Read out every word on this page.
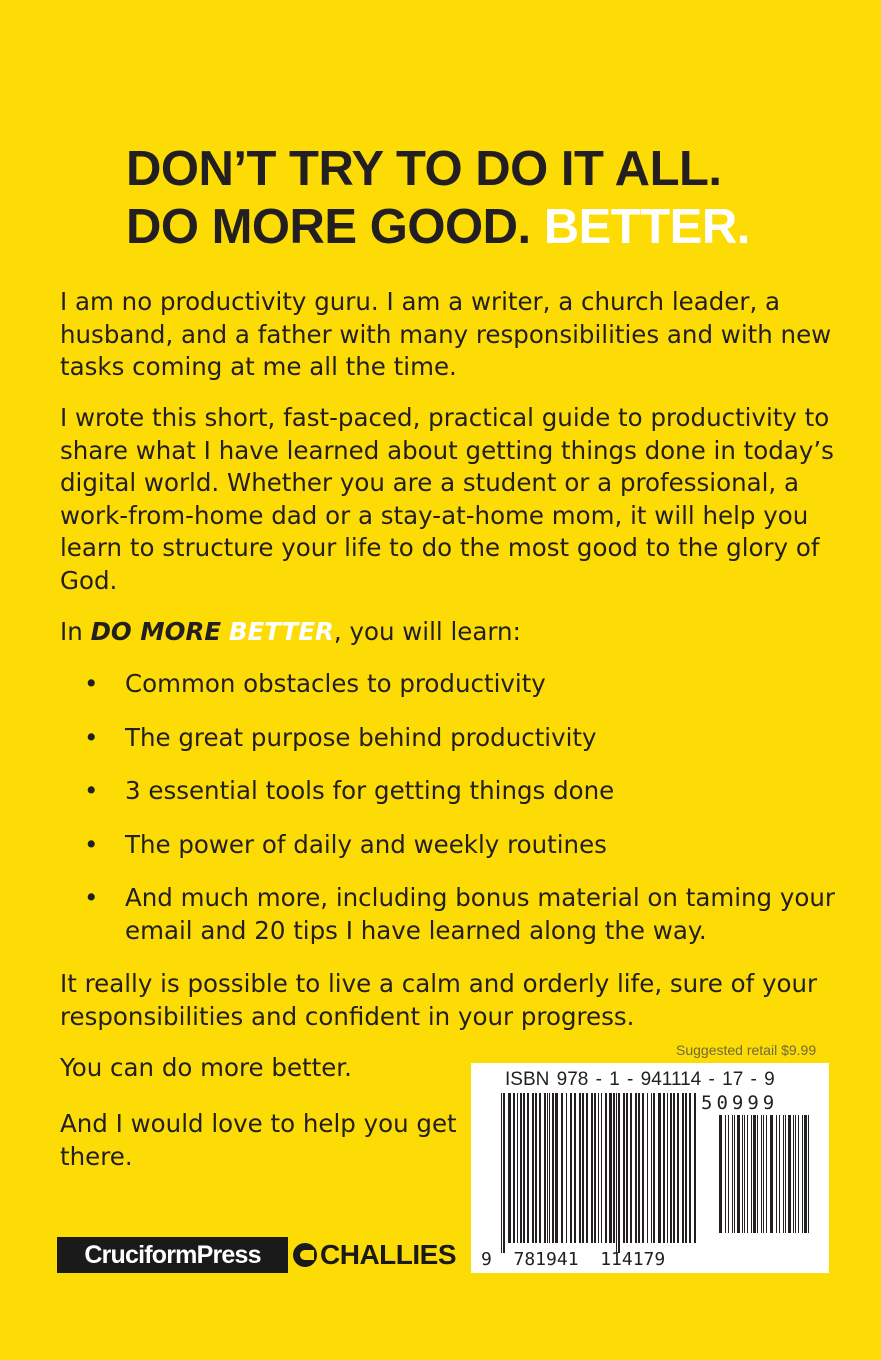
DON’T TRY TO DO IT ALL.
DO MORE GOOD. BETTER.

I am no productivity guru. I am a writer, a church leader, a husband, and a father with many responsibilities and with new tasks coming at me all the time.

I wrote this short, fast-paced, practical guide to productivity to share what I have learned about getting things done in today’s digital world. Whether you are a student or a professional, a work-from-home dad or a stay-at-home mom, it will help you learn to structure your life to do the most good to the glory of God.

In DO MORE BETTER, you will learn:

• Common obstacles to productivity
• The great purpose behind productivity
• 3 essential tools for getting things done
• The power of daily and weekly routines
• And much more, including bonus material on taming your email and 20 tips I have learned along the way.

It really is possible to live a calm and orderly life, sure of your responsibilities and confident in your progress.

You can do more better.

And I would love to help you get there.

Suggested retail $9.99
ISBN 978 - 1 - 941114 - 17 - 9
50999
9  781941  114179
CruciformPress	CHALLIES
